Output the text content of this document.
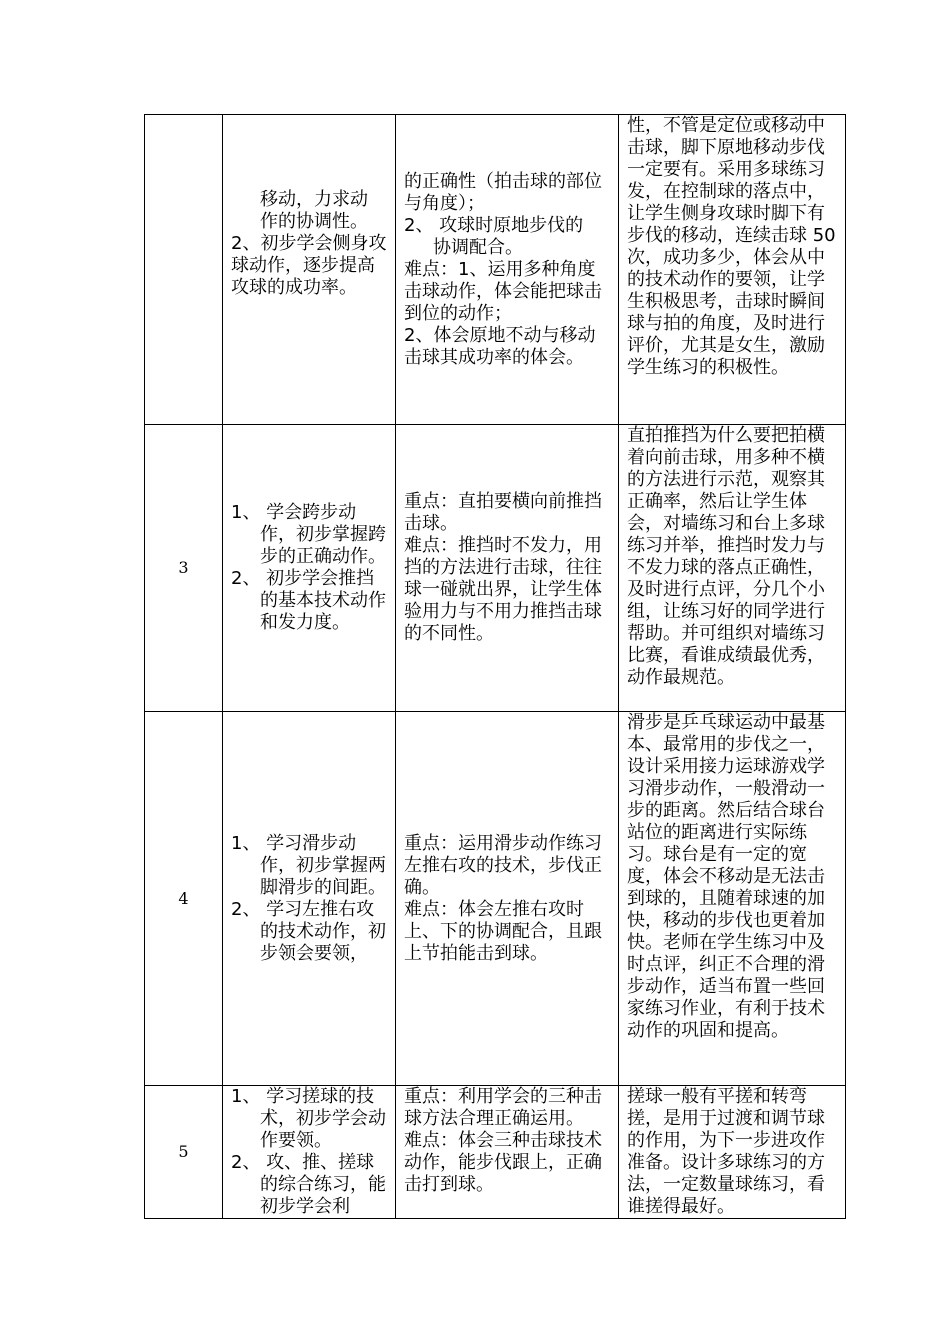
	移动，力求动
作的协调性。
2、初步学会侧身攻球动作，逐步提高攻球的成功率。	的正确性（拍击球的部位与角度）；
2、 攻球时原地步伐的
协调配合。
难点：1、运用多种角度击球动作，体会能把球击到位的动作；
2、体会原地不动与移动击球其成功率的体会。	性，不管是定位或移动中击球，脚下原地移动步伐一定要有。采用多球练习发，在控制球的落点中，让学生侧身攻球时脚下有步伐的移动，连续击球 50 次，成功多少，体会从中的技术动作的要领，让学生积极思考，击球时瞬间球与拍的角度，及时进行评价，尤其是女生，激励学生练习的积极性。
3	1、 学会跨步动作，初步掌握跨步的正确动作。
2、 初步学会推挡的基本技术动作和发力度。	重点：直拍要横向前推挡击球。
难点：推挡时不发力，用挡的方法进行击球，往往球一碰就出界，让学生体验用力与不用力推挡击球的不同性。	直拍推挡为什么要把拍横着向前击球，用多种不横的方法进行示范，观察其正确率，然后让学生体会，对墙练习和台上多球练习并举，推挡时发力与不发力球的落点正确性，及时进行点评，分几个小组，让练习好的同学进行帮助。并可组织对墙练习比赛，看谁成绩最优秀，动作最规范。
4	1、 学习滑步动作，初步掌握两脚滑步的间距。
2、 学习左推右攻的技术动作，初步领会要领，	重点：运用滑步动作练习左推右攻的技术，步伐正确。
难点：体会左推右攻时上、下的协调配合，且跟上节拍能击到球。	滑步是乒乓球运动中最基本、最常用的步伐之一，设计采用接力运球游戏学习滑步动作，一般滑动一步的距离。然后结合球台站位的距离进行实际练习。球台是有一定的宽度，体会不移动是无法击到球的，且随着球速的加快，移动的步伐也更着加快。老师在学生练习中及时点评，纠正不合理的滑步动作，适当布置一些回家练习作业，有利于技术动作的巩固和提高。
5	1、 学习搓球的技术，初步学会动作要领。
2、 攻、推、搓球的综合练习，能初步学会利	重点：利用学会的三种击球方法合理正确运用。
难点：体会三种击球技术动作，能步伐跟上，正确击打到球。	搓球一般有平搓和转弯搓，是用于过渡和调节球的作用，为下一步进攻作准备。设计多球练习的方法，一定数量球练习，看谁搓得最好。
